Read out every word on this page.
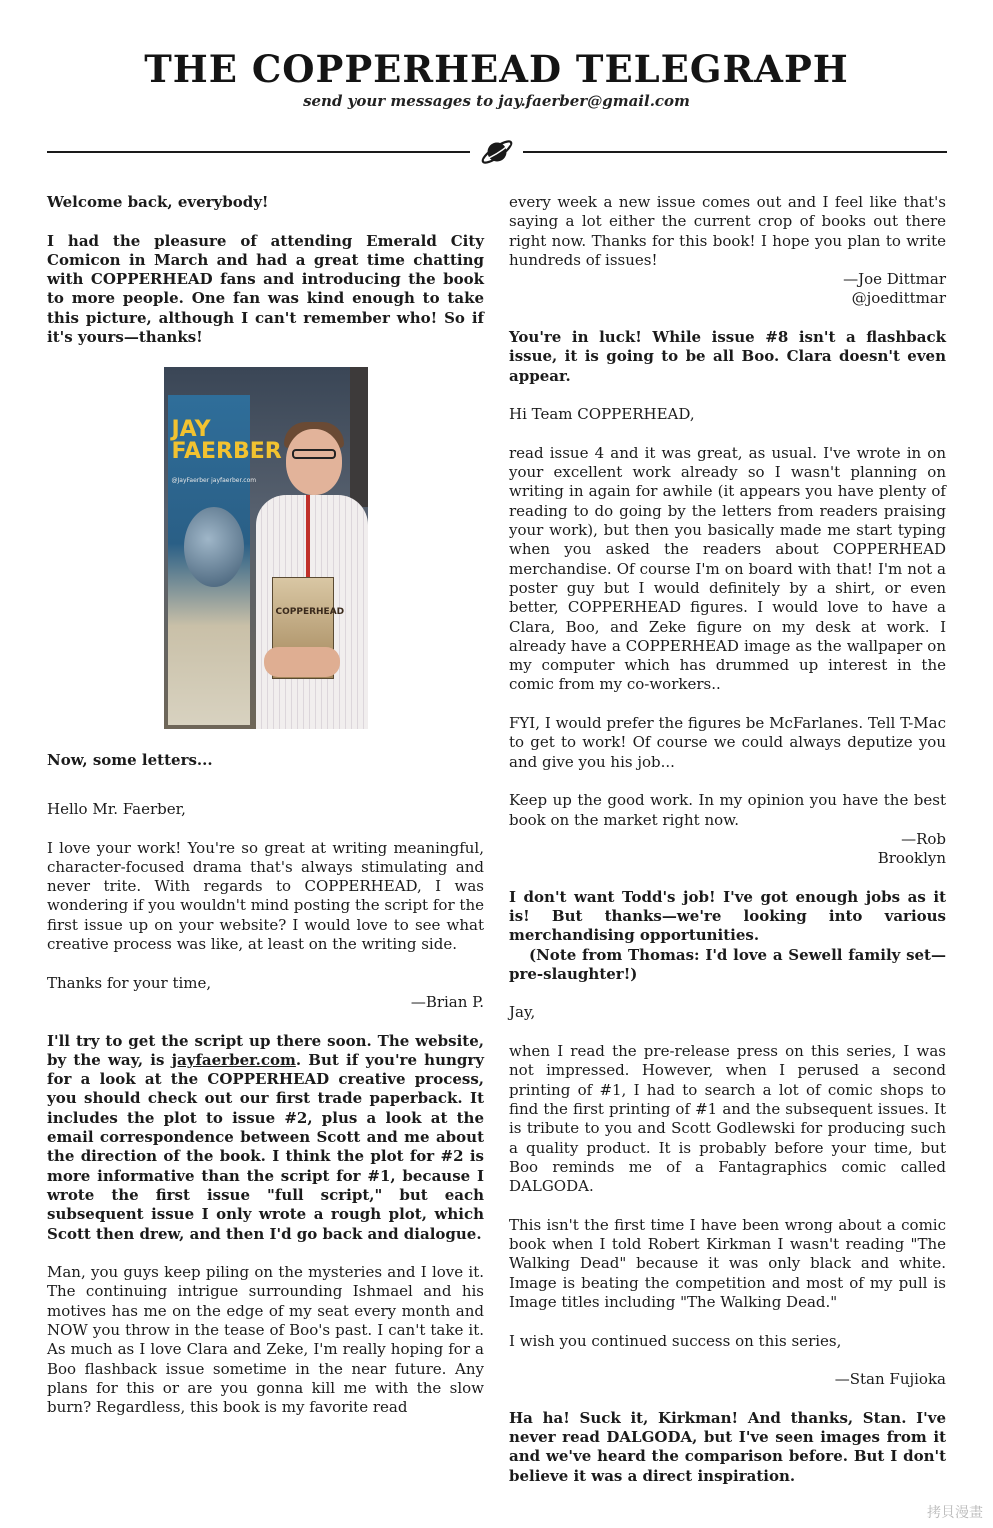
THE COPPERHEAD TELEGRAPH
send your messages to jay.faerber@gmail.com

Welcome back, everybody!

I had the pleasure of attending Emerald City Comicon in March and had a great time chatting with COPPERHEAD fans and introducing the book to more people. One fan was kind enough to take this picture, although I can't remember who! So if it's yours—thanks!

JAY FAERBER
@JayFaerber jayfaerber.com
COPPERHEAD

Now, some letters...

Hello Mr. Faerber,

I love your work! You're so great at writing meaningful, character-focused drama that's always stimulating and never trite. With regards to COPPERHEAD, I was wondering if you wouldn't mind posting the script for the first issue up on your website? I would love to see what creative process was like, at least on the writing side.

Thanks for your time,

—Brian P.

I'll try to get the script up there soon. The website, by the way, is jayfaerber.com. But if you're hungry for a look at the COPPERHEAD creative process, you should check out our first trade paperback. It includes the plot to issue #2, plus a look at the email correspondence between Scott and me about the direction of the book. I think the plot for #2 is more informative than the script for #1, because I wrote the first issue "full script," but each subsequent issue I only wrote a rough plot, which Scott then drew, and then I'd go back and dialogue.

Man, you guys keep piling on the mysteries and I love it. The continuing intrigue surrounding Ishmael and his motives has me on the edge of my seat every month and NOW you throw in the tease of Boo's past. I can't take it. As much as I love Clara and Zeke, I'm really hoping for a Boo flashback issue sometime in the near future. Any plans for this or are you gonna kill me with the slow burn? Regardless, this book is my favorite read

every week a new issue comes out and I feel like that's saying a lot either the current crop of books out there right now. Thanks for this book! I hope you plan to write hundreds of issues!

—Joe Dittmar

@joedittmar

You're in luck! While issue #8 isn't a flashback issue, it is going to be all Boo. Clara doesn't even appear.

Hi Team COPPERHEAD,

read issue 4 and it was great, as usual. I've wrote in on your excellent work already so I wasn't planning on writing in again for awhile (it appears you have plenty of reading to do going by the letters from readers praising your work), but then you basically made me start typing when you asked the readers about COPPERHEAD merchandise. Of course I'm on board with that! I'm not a poster guy but I would definitely by a shirt, or even better, COPPERHEAD figures. I would love to have a Clara, Boo, and Zeke figure on my desk at work. I already have a COPPERHEAD image as the wallpaper on my computer which has drummed up interest in the comic from my co-workers..

FYI, I would prefer the figures be McFarlanes. Tell T-Mac to get to work! Of course we could always deputize you and give you his job...

Keep up the good work. In my opinion you have the best book on the market right now.

—Rob

Brooklyn

I don't want Todd's job! I've got enough jobs as it is! But thanks—we're looking into various merchandising opportunities.

(Note from Thomas: I'd love a Sewell family set—pre-slaughter!)

Jay,

when I read the pre-release press on this series, I was not impressed. However, when I perused a second printing of #1, I had to search a lot of comic shops to find the first printing of #1 and the subsequent issues. It is tribute to you and Scott Godlewski for producing such a quality product. It is probably before your time, but Boo reminds me of a Fantagraphics comic called DALGODA.

This isn't the first time I have been wrong about a comic book when I told Robert Kirkman I wasn't reading "The Walking Dead" because it was only black and white. Image is beating the competition and most of my pull is Image titles including "The Walking Dead."

I wish you continued success on this series,

—Stan Fujioka

Ha ha! Suck it, Kirkman! And thanks, Stan. I've never read DALGODA, but I've seen images from it and we've heard the comparison before. But I don't believe it was a direct inspiration.

拷貝漫畫
